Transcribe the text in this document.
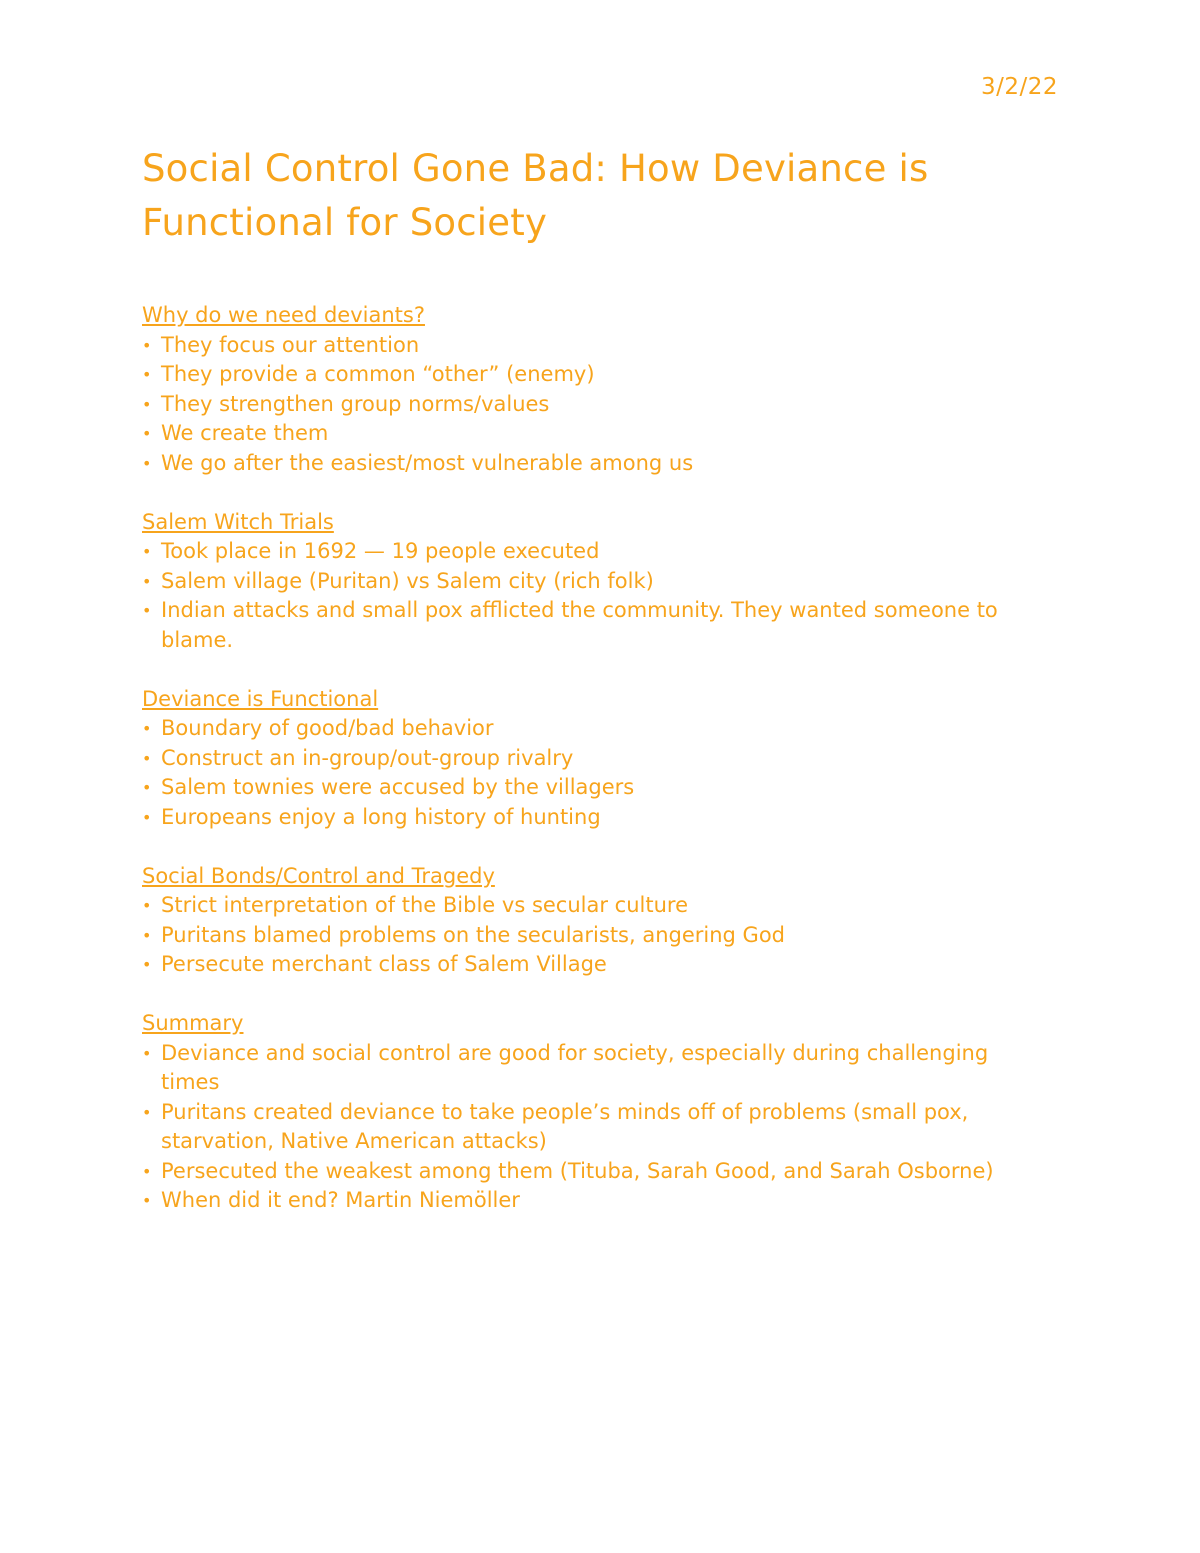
3/2/22
Social Control Gone Bad: How Deviance is Functional for Society
Why do we need deviants?
• They focus our attention
• They provide a common “other” (enemy)
• They strengthen group norms/values
• We create them
• We go after the easiest/most vulnerable among us
Salem Witch Trials
• Took place in 1692 — 19 people executed
• Salem village (Puritan) vs Salem city (rich folk)
• Indian attacks and small pox afflicted the community. They wanted someone to blame.
Deviance is Functional
• Boundary of good/bad behavior
• Construct an in-group/out-group rivalry
• Salem townies were accused by the villagers
• Europeans enjoy a long history of hunting
Social Bonds/Control and Tragedy
• Strict interpretation of the Bible vs secular culture
• Puritans blamed problems on the secularists, angering God
• Persecute merchant class of Salem Village
Summary
• Deviance and social control are good for society, especially during challenging times
• Puritans created deviance to take people’s minds off of problems (small pox, starvation, Native American attacks)
• Persecuted the weakest among them (Tituba, Sarah Good, and Sarah Osborne)
• When did it end? Martin Niemöller
